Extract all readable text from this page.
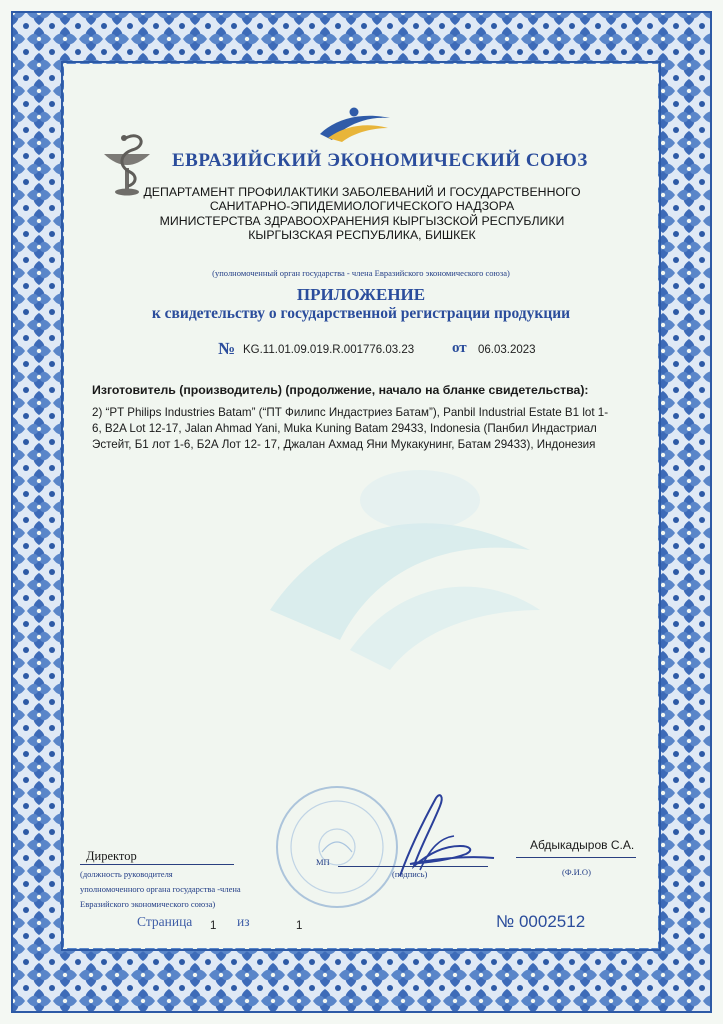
ЕВРАЗИЙСКИЙ ЭКОНОМИЧЕСКИЙ СОЮЗ
ДЕПАРТАМЕНТ ПРОФИЛАКТИКИ ЗАБОЛЕВАНИЙ И ГОСУДАРСТВЕННОГО
САНИТАРНО-ЭПИДЕМИОЛОГИЧЕСКОГО НАДЗОРА
МИНИСТЕРСТВА ЗДРАВООХРАНЕНИЯ КЫРГЫЗСКОЙ РЕСПУБЛИКИ
КЫРГЫЗСКАЯ РЕСПУБЛИКА, БИШКЕК
(уполномоченный орган государства - члена Евразийского экономического союза)
ПРИЛОЖЕНИЕ
к свидетельству о государственной регистрации продукции
№ KG.11.01.09.019.R.001776.03.23	от 06.03.2023
Изготовитель (производитель) (продолжение, начало на бланке свидетельства):
2) “PT Philips Industries Batam” (“ПТ Филипс Индастриез Батам”), Panbil Industrial Estate B1 lot 1-
6, B2A Lot 12-17, Jalan Ahmad Yani, Muka Kuning Batam 29433, Indonesia (Панбил Индастриал
Эстейт, Б1 лот 1-6, Б2А Лот 12- 17, Джалан Ахмад Яни Мукакунинг, Батам 29433), Индонезия
Директор
(должность руководителя
уполномоченного органа государства -члена
Евразийского экономического союза)
МП
(подпись)
Абдыкадыров С.А.
(Ф.И.О)
Страница 1 из	1	№ 0002512
